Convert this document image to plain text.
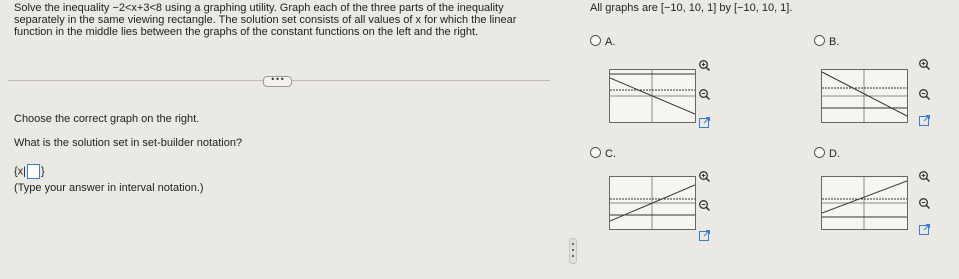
Solve the inequality −2<x+3<8 using a graphing utility. Graph each of the three parts of the inequality separately in the same viewing rectangle. The solution set consists of all values of x for which the linear function in the middle lies between the graphs of the constant functions on the left and the right.
•••
Choose the correct graph on the right.
What is the solution set in set-builder notation?
{x| }
(Type your answer in interval notation.)
All graphs are [−10, 10, 1] by [−10, 10, 1].
A.	B.
C.	D.
